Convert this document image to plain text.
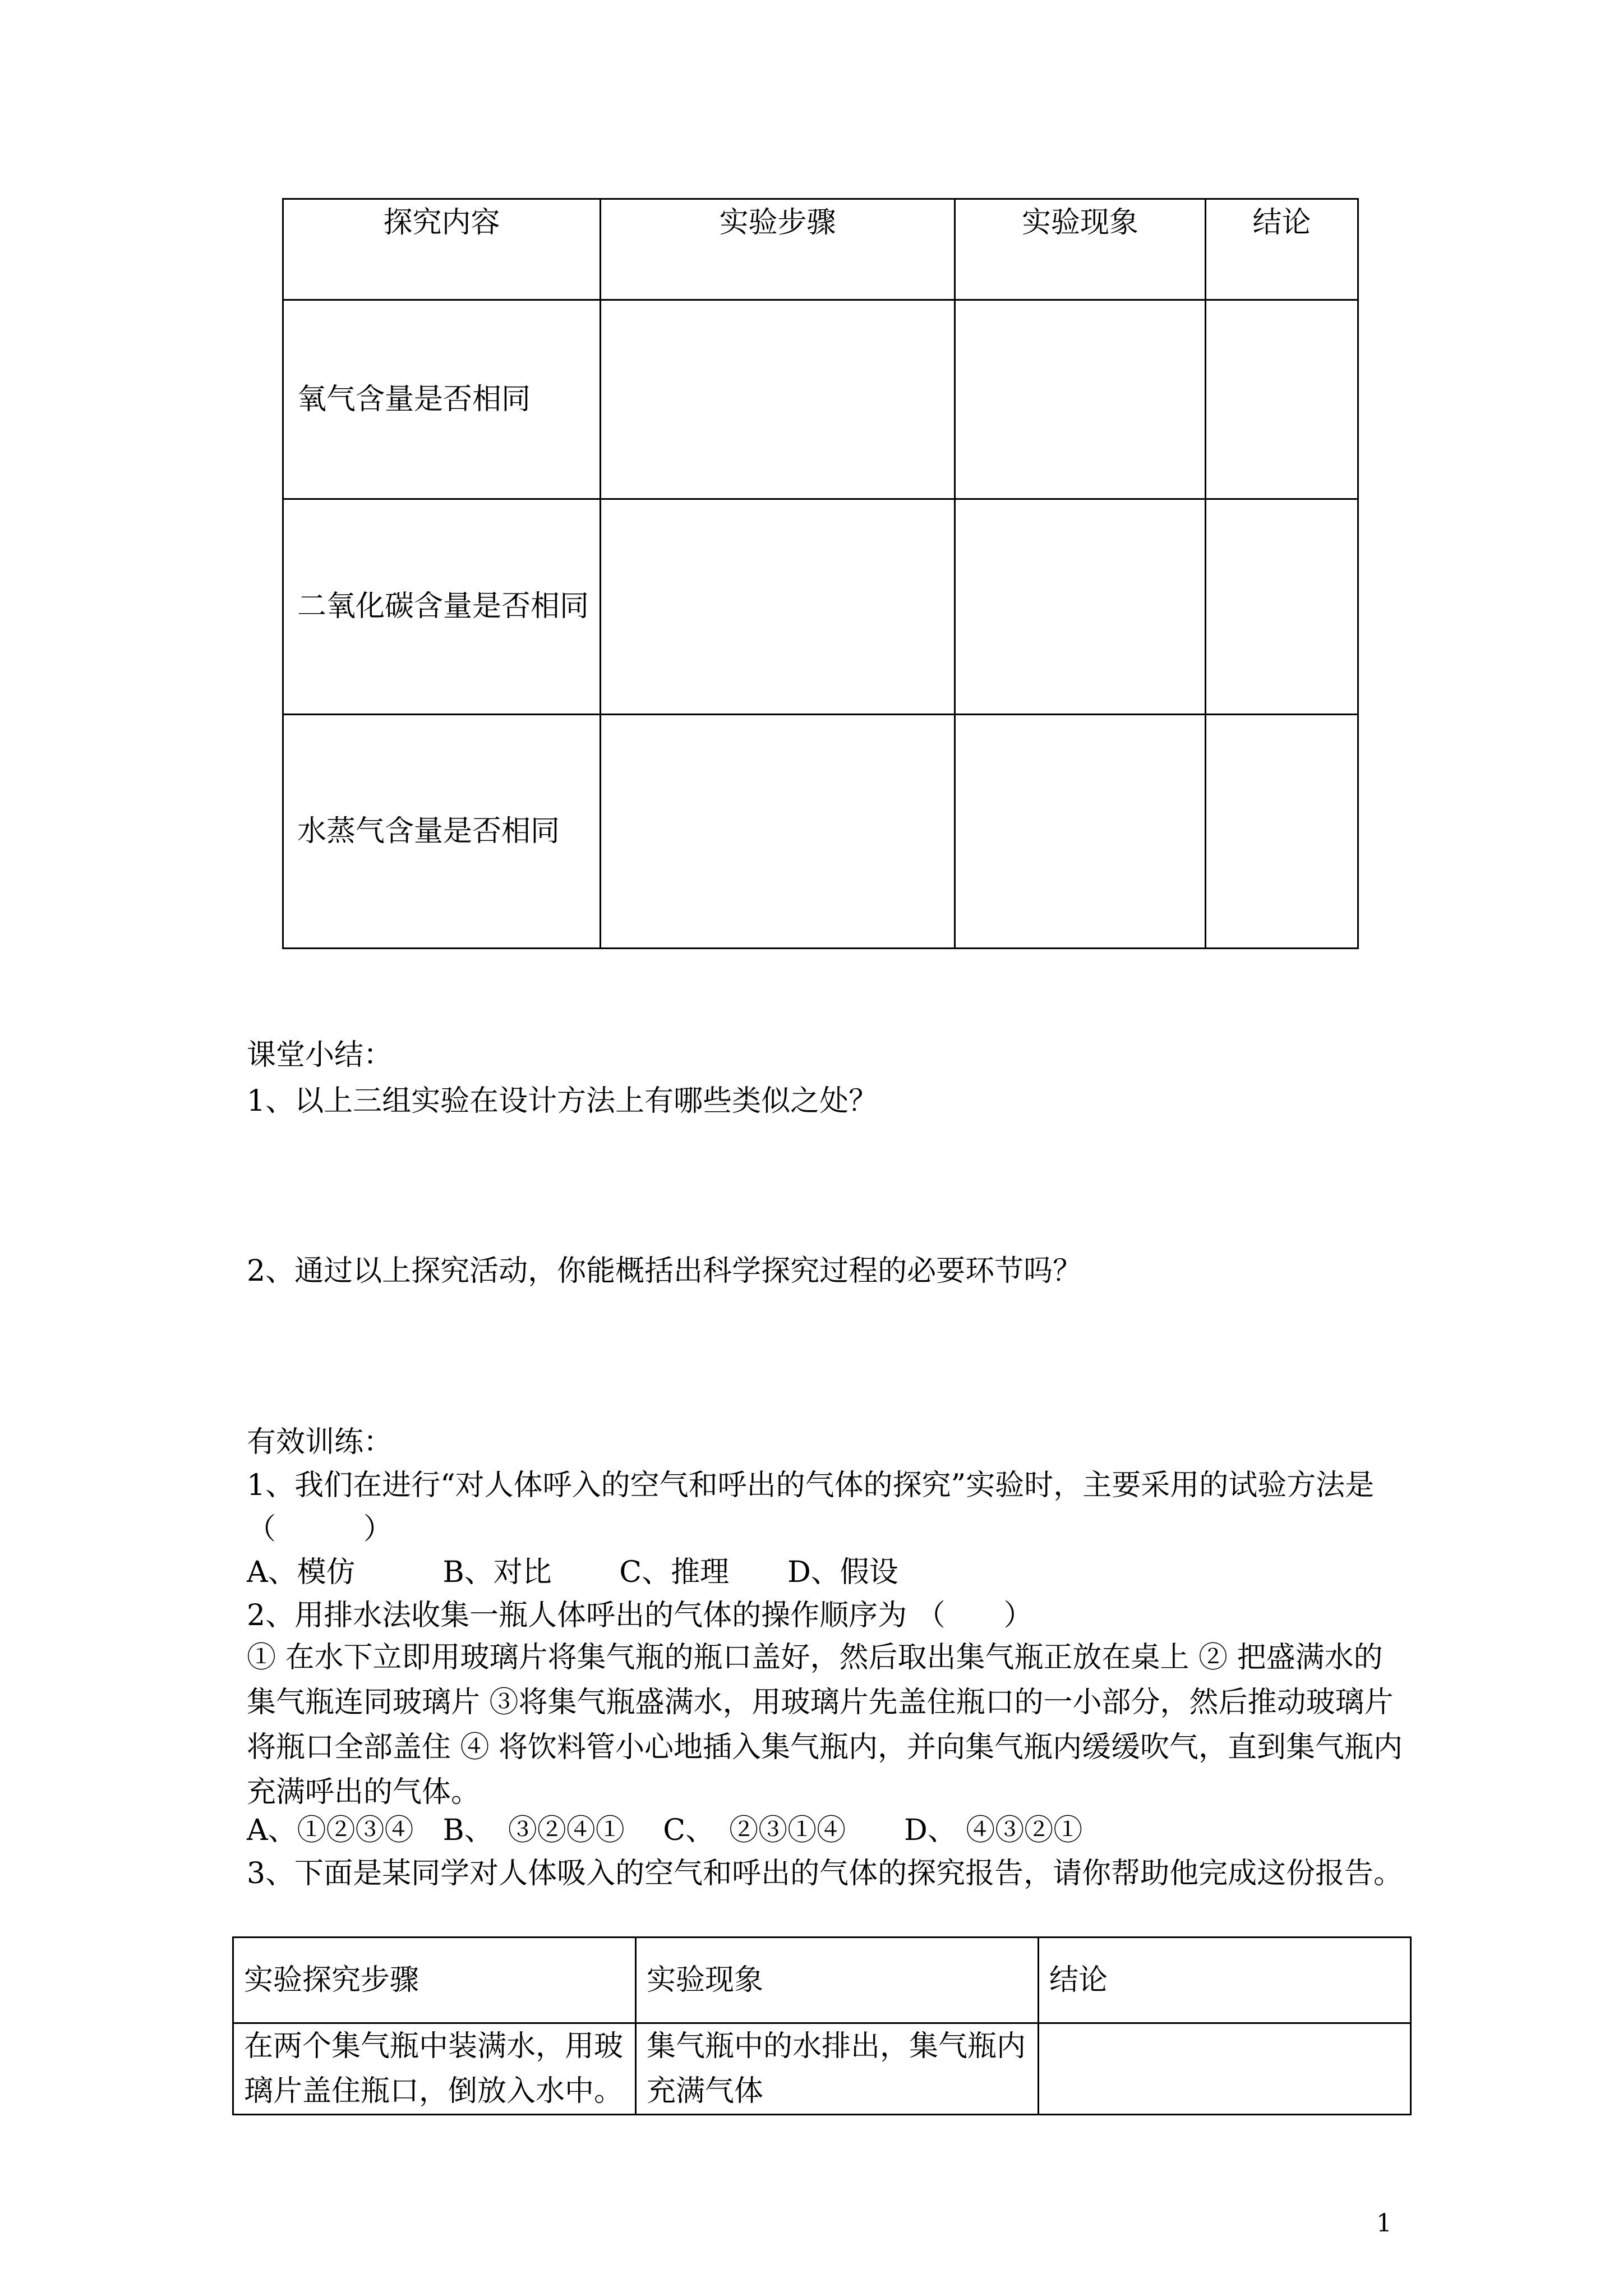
探究内容	实验步骤	实验现象	结论
氧气含量是否相同			
二氧化碳含量是否相同			
水蒸气含量是否相同			
课堂小结：
1、以上三组实验在设计方法上有哪些类似之处？
2、通过以上探究活动，你能概括出科学探究过程的必要环节吗？
有效训练：
1、我们在进行“对人体呼入的空气和呼出的气体的探究”实验时，主要采用的试验方法是
（　　　）
A、模仿　　　B、对比　　 C、推理　　D、假设
2、用排水法收集一瓶人体呼出的气体的操作顺序为 （　　）
① 在水下立即用玻璃片将集气瓶的瓶口盖好，然后取出集气瓶正放在桌上 ② 把盛满水的集气瓶连同玻璃片 ③将集气瓶盛满水，用玻璃片先盖住瓶口的一小部分，然后推动玻璃片将瓶口全部盖住 ④ 将饮料管小心地插入集气瓶内，并向集气瓶内缓缓吹气，直到集气瓶内充满呼出的气体。
A、①②③④　B、　③②④①　 C、　②③①④　　D、 ④③②①
3、下面是某同学对人体吸入的空气和呼出的气体的探究报告，请你帮助他完成这份报告。
实验探究步骤	实验现象	结论
在两个集气瓶中装满水，用玻璃片盖住瓶口，倒放入水中。	集气瓶中的水排出，集气瓶内充满气体	
1
